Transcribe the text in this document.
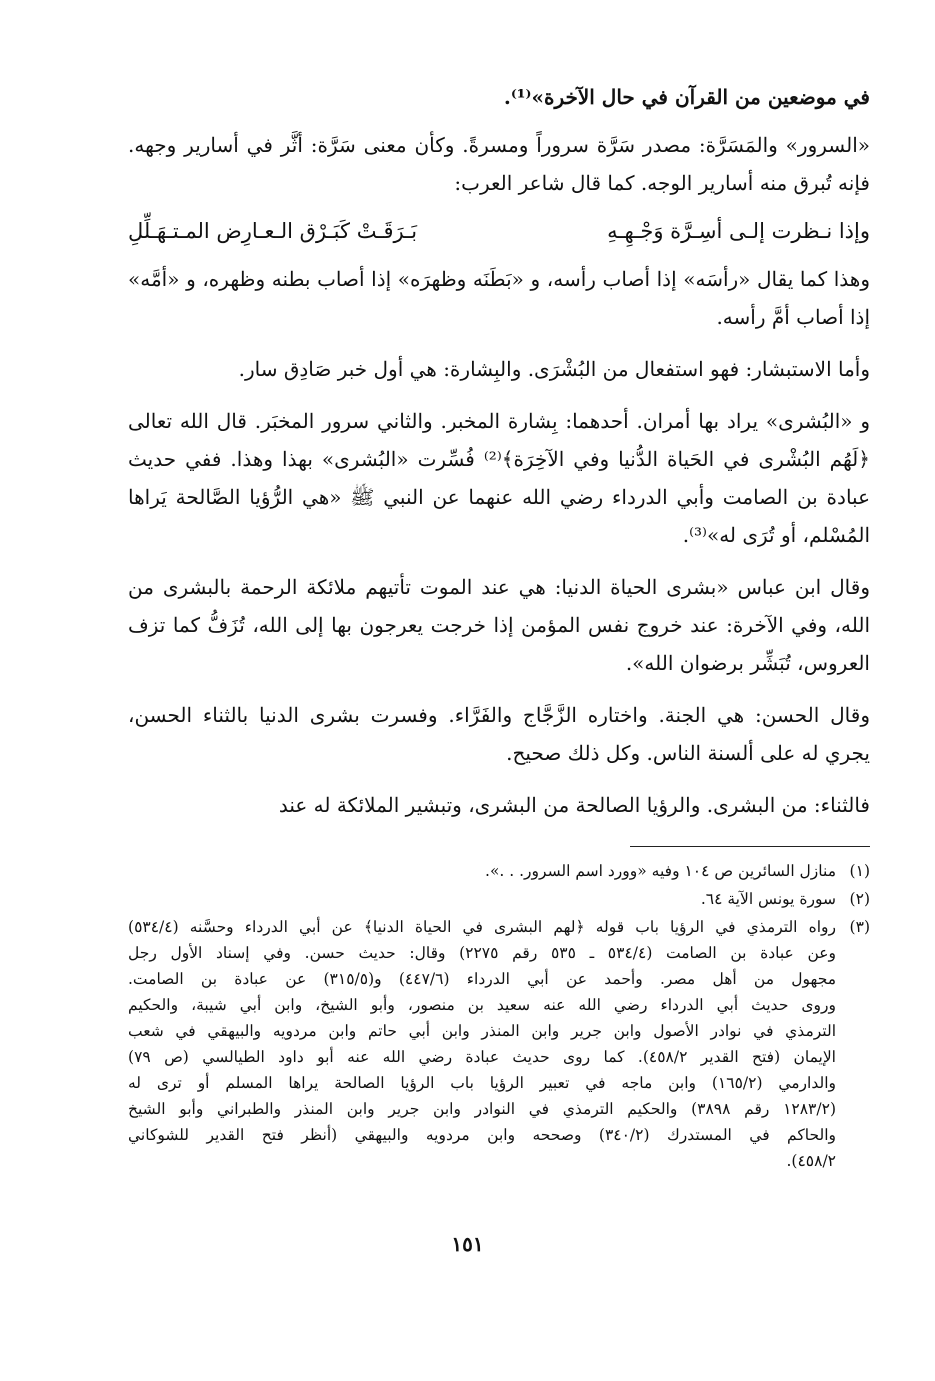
في موضعين من القرآن في حال الآخرة»⁽¹⁾.

«السرور» والمَسَرَّة: مصدر سَرَّة سروراً ومسرةً. وكأن معنى سَرَّة: أثَّر في أسارير وجهه. فإنه تُبرق منه أسارير الوجه. كما قال شاعر العرب:

وإذا نـظرت إلـى أسِـرَّة وَجْـهِـهِ
بَـرَقَـتْ كَبَـرْق الـعـارِض المـتـهَـلِّلِ

وهذا كما يقال «رأسَه» إذا أصاب رأسه، و «بَطَنَه وظهرَه» إذا أصاب بطنه وظهره، و «أمَّه» إذا أصاب أمَّ رأسه.

وأما الاستبشار: فهو استفعال من البُشْرَى. والبِشارة: هي أول خبر صَادِق سار.

و «البُشرى» يراد بها أمران. أحدهما: بِشارة المخبر. والثاني سرور المخبَر. قال الله تعالى ﴿لَهُم البُشْرى في الحَياة الدُّنيا وفي الآخِرَة﴾⁽²⁾ فُسِّرت «البُشرى» بهذا وهذا. ففي حديث عبادة بن الصامت وأبي الدرداء رضي الله عنهما عن النبي ﷺ «هي الرُّؤيا الصَّالحة يَراها المُسْلم، أو تُرَى له»⁽³⁾.

وقال ابن عباس «بشرى الحياة الدنيا: هي عند الموت تأتيهم ملائكة الرحمة بالبشرى من الله، وفي الآخرة: عند خروج نفس المؤمن إذا خرجت يعرجون بها إلى الله، تُزَفُّ كما تزف العروس، تُبَشِّر برضوان الله».

وقال الحسن: هي الجنة. واختاره الزَّجَّاج والفَرَّاء. وفسرت بشرى الدنيا بالثناء الحسن، يجري له على ألسنة الناس. وكل ذلك صحيح.

فالثناء: من البشرى. والرؤيا الصالحة من البشرى، وتبشير الملائكة له عند

(١)
منازل السائرين ص ١٠٤ وفيه «وورد اسم السرور. . .».
(٢)
سورة يونس الآية ٦٤.
(٣)
رواه الترمذي في الرؤيا باب قوله ﴿لهم البشرى في الحياة الدنيا﴾ عن أبي الدرداء وحسَّنه (٥٣٤/٤)
وعن عبادة بن الصامت (٥٣٤/٤ ـ ٥٣٥ رقم ٢٢٧٥) وقال: حديث حسن. وفي إسناد الأول رجل
مجهول من أهل مصر. وأحمد عن أبي الدرداء (٤٤٧/٦) و(٣١٥/٥) عن عبادة بن الصامت.
وروى حديث أبي الدرداء رضي الله عنه سعيد بن منصور، وأبو الشيخ، وابن أبي شيبة، والحكيم
الترمذي في نوادر الأصول وابن جرير وابن المنذر وابن أبي حاتم وابن مردويه والبيهقي في شعب
الإيمان (فتح القدير ٤٥٨/٢). كما روى حديث عبادة رضي الله عنه أبو داود الطيالسي (ص ٧٩)
والدارمي (١٦٥/٢) وابن ماجه في تعبير الرؤيا باب الرؤيا الصالحة يراها المسلم أو ترى له
(١٢٨٣/٢ رقم ٣٨٩٨) والحكيم الترمذي في النوادر وابن جرير وابن المنذر والطبراني وأبو الشيخ
والحاكم في المستدرك (٣٤٠/٢) وصححه وابن مردويه والبيهقي (أنظر فتح القدير للشوكاني
٤٥٨/٢).
١٥١
